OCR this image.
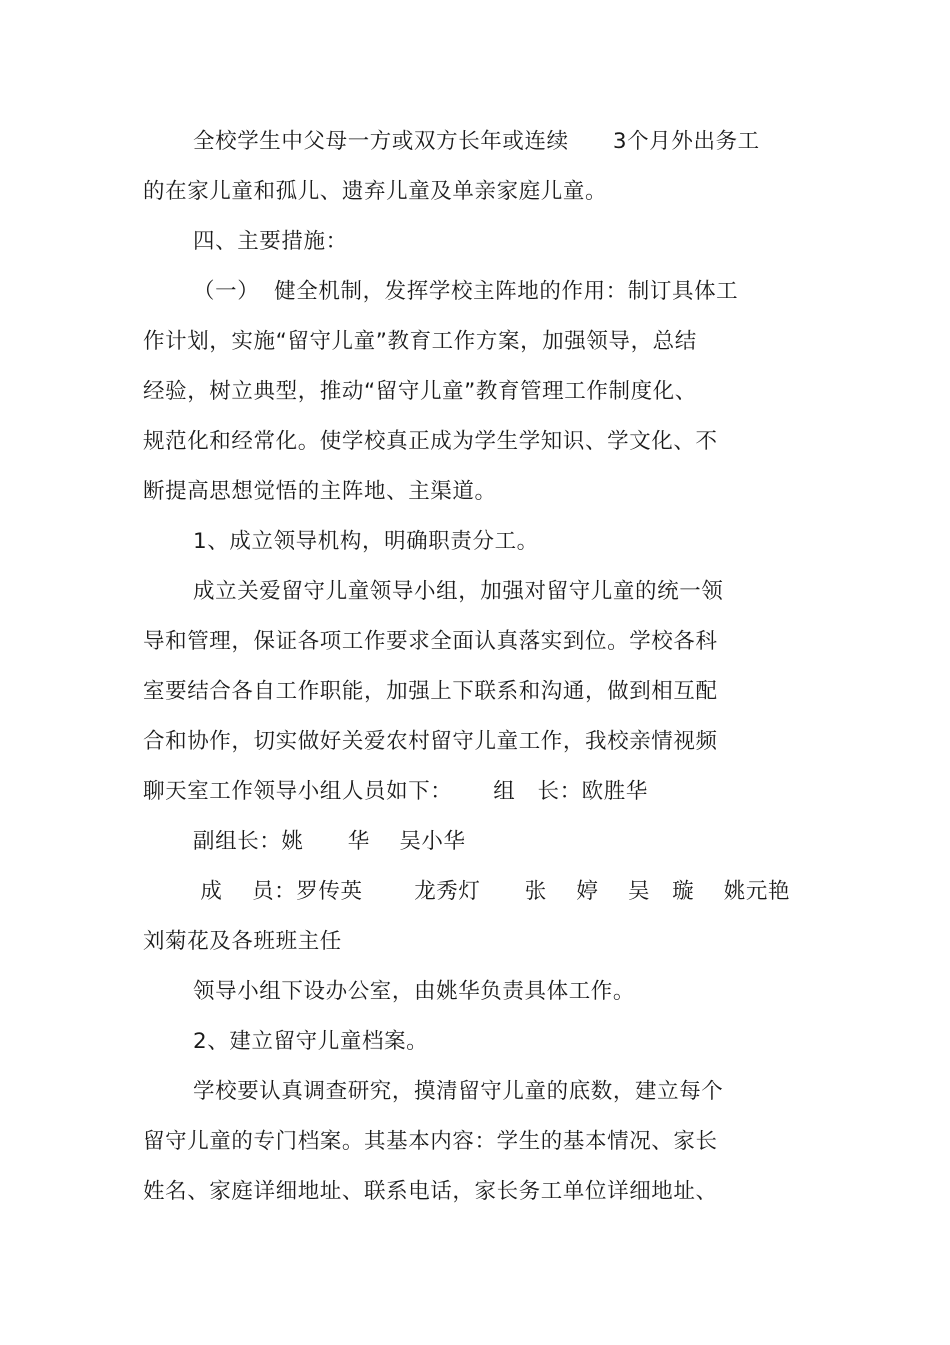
全校学生中父母一方或双方长年或连续　　3个月外出务工
的在家儿童和孤儿、遗弃儿童及单亲家庭儿童。
四、主要措施：
（一）  健全机制，发挥学校主阵地的作用：制订具体工
作计划，实施“留守儿童”教育工作方案，加强领导，总结
经验，树立典型，推动“留守儿童”教育管理工作制度化、
规范化和经常化。使学校真正成为学生学知识、学文化、不
断提高思想觉悟的主阵地、主渠道。
1、成立领导机构，明确职责分工。
成立关爱留守儿童领导小组，加强对留守儿童的统一领
导和管理，保证各项工作要求全面认真落实到位。学校各科
室要结合各自工作职能，加强上下联系和沟通，做到相互配
合和协作，切实做好关爱农村留守儿童工作，我校亲情视频
聊天室工作领导小组人员如下：　　 组　长：欧胜华
副组长：姚　　华　 吴小华
成　 员：罗传英　　 龙秀灯　　张　 婷　 吴　璇　 姚元艳
刘菊花及各班班主任
领导小组下设办公室，由姚华负责具体工作。
2、建立留守儿童档案。
学校要认真调查研究，摸清留守儿童的底数，建立每个
留守儿童的专门档案。其基本内容：学生的基本情况、家长
姓名、家庭详细地址、联系电话，家长务工单位详细地址、
